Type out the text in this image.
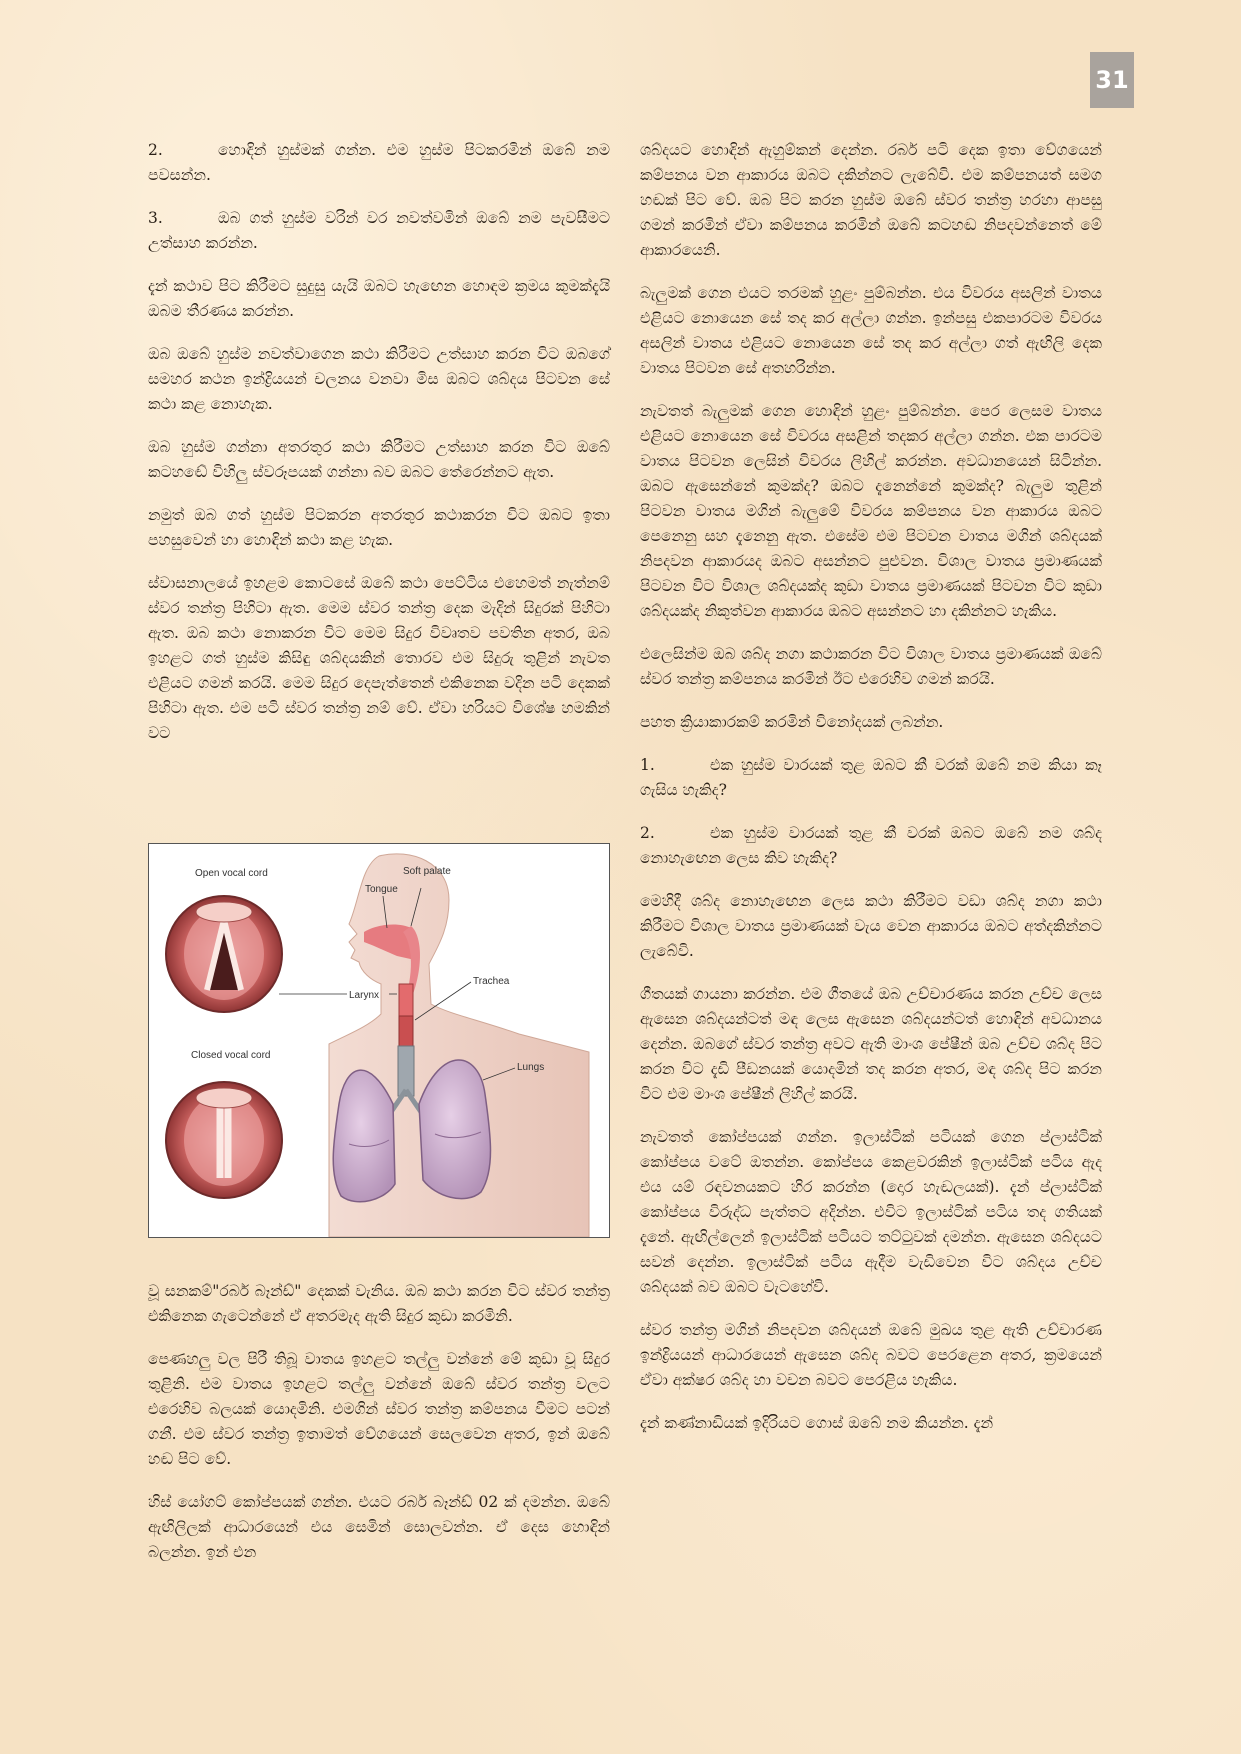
31

2.	හොඳින් හුස්මක් ගන්න. එම හුස්ම පිටකරමින් ඔබේ නම පවසන්න.

3.	ඔබ ගත් හුස්ම වරින් වර නවත්වමින් ඔබේ නම පැවසීමට උත්සාහ කරන්න.

දැන් කථාව පිට කිරීමට සුදුසු යැයි ඔබට හැඟෙන හොඳම ක්‍රමය කුමක්දැයි ඔබම තීරණය කරන්න.

ඔබ ඔබේ හුස්ම නවත්වාගෙන කථා කිරීමට උත්සාහ කරන විට ඔබගේ සමහර කථන ඉන්ද්‍රියයන් චලනය වනවා මිස ඔබට ශබ්දය පිටවන සේ කථා කළ නොහැක.

ඔබ හුස්ම ගන්නා අතරතුර කථා කිරීමට උත්සාහ කරන විට ඔබේ කටහඬේ විහිලු ස්වරූපයක් ගන්නා බව ඔබට තේරෙන්නට ඇත.

නමුත් ඔබ ගත් හුස්ම පිටකරන අතරතුර කථාකරන විට ඔබට ඉතා පහසුවෙන් හා හොඳින් කථා කළ හැක.

ස්වාසනාලයේ ඉහළම කොටසේ ඔබේ කථා පෙට්ටිය එහෙමත් නැත්නම් ස්වර තන්ත්‍ර පිහිටා ඇත. මෙම ස්වර තන්ත්‍ර දෙක මැදින් සිදුරක් පිහිටා ඇත. ඔබ කථා නොකරන විට මෙම සිදුර විවෘතව පවතින අතර, ඔබ ඉහළට ගත් හුස්ම කිසිඳු ශබ්දයකින් තොරව එම සිදුරු තුළින් නැවත එළියට ගමන් කරයි. මෙම සිදුර දෙපැත්තෙන් එකිනෙක වදින පටි දෙකක් පිහිටා ඇත. එම පටි ස්වර තන්ත්‍ර නම් වේ. ඒවා හරියට විශේෂ හමකින් වට

Open vocal cord
Closed vocal cord
Soft palate
Tongue
Larynx
Trachea
Lungs

වූ සනකම්"රබර් බෑන්ඩ්" දෙකක් වැනිය. ඔබ කථා කරන විට ස්වර තන්ත්‍ර එකිනෙක ගැටෙන්නේ ඒ අතරමැද ඇති සිදුර කුඩා කරමිනි.

පෙණහලු වල පිරී තිබූ වාතය ඉහළට තල්ලු වන්නේ මේ කුඩා වූ සිදුර තුළිනි. එම වාතය ඉහළට තල්ලු වන්නේ ඔබේ ස්වර තන්ත්‍ර වලට එරෙහිව බලයක් යොදමිනි. එමගින් ස්වර තන්ත්‍ර කම්පනය වීමට පටන් ගනී. එම ස්වර තන්ත්‍ර ඉතාමත් වේගයෙන් සෙලවෙන අතර, ඉන් ඔබේ හඬ පිට වේ.

හිස් යෝගට් කෝප්පයක් ගන්න. එයට රබර් බෑන්ඩ් 02 ක් දමන්න. ඔබේ ඇඟිලිලක් ආධාරයෙන් එය සෙමින් සොලවන්න. ඒ දෙස හොඳින් බලන්න. ඉන් එන

ශබ්දයට හොඳින් ඇහුම්කන් දෙන්න. රබර් පටි දෙක ඉතා වේගයෙන් කම්පනය වන ආකාරය ඔබට දකින්නට ලැබේවි. එම කම්පනයත් සමග හඬක් පිට වේ. ඔබ පිට කරන හුස්ම ඔබේ ස්වර තන්ත්‍ර හරහා ආපසු ගමන් කරමින් ඒවා කම්පනය කරමින් ඔබේ කටහඬ නිපදවන්නෙත් මේ ආකාරයෙනි.

බැලුමක් ගෙන එයට තරමක් හුළං පුම්බන්න. එය විවරය අසලින් වාතය එළියට නොයෙන සේ තද කර අල්ලා ගන්න. ඉන්පසු එකපාරටම විවරය අසලින් වාතය එළියට නොයෙන සේ තද කර අල්ලා ගත් ඇඟිලි දෙක වාතය පිටවන සේ අතහරින්න.

නැවතත් බැලුමක් ගෙන හොඳින් හුළං පුම්බන්න. පෙර ලෙසම වාතය එළියට නොයෙන සේ විවරය අසළින් තදකර අල්ලා ගන්න. එක පාරටම වාතය පිටවන ලෙසින් විවරය ලිහිල් කරන්න. අවධානයෙන් සිටින්න. ඔබට ඇසෙන්නේ කුමක්ද? ඔබට දැනෙන්නේ කුමක්ද? බැලුම තුළින් පිටවන වාතය මගින් බැලුමේ විවරය කම්පනය වන ආකාරය ඔබට පෙනෙනු සහ දැනෙනු ඇත. එසේම එම පිටවන වාතය මගින් ශබ්දයක් නිපදවන ආකාරයද ඔබට අසන්නට පුළුවන. විශාල වාතය ප්‍රමාණයක් පිටවන විට විශාල ශබ්දයක්ද කුඩා වාතය ප්‍රමාණයක් පිටවන විට කුඩා ශබ්දයක්ද නිකුත්වන ආකාරය ඔබට අසන්නට හා දකින්නට හැකිය.

එලෙසින්ම ඔබ ශබ්ද නගා කථාකරන විට විශාල වාතය ප්‍රමාණයක් ඔබේ ස්වර තන්ත්‍ර කම්පනය කරමින් ඊට එරෙහිව ගමන් කරයි.

පහත ක්‍රියාකාරකම් කරමින් විනෝදයක් ලබන්න.

1.	එක හුස්ම වාරයක් තුළ ඔබට කී වරක් ඔබේ නම කියා කෑ ගැසිය හැකිද?

2.	එක හුස්ම වාරයක් තුළ කී වරක් ඔබට ඔබේ නම ශබ්ද නොහැඟෙන ලෙස කිව හැකිද?

මෙහිදී ශබ්ද නොහැඟෙන ලෙස කථා කිරීමට වඩා ශබ්ද නගා කථා කිරීමට විශාල වාතය ප්‍රමාණයක් වැය වෙන ආකාරය ඔබට අත්දකින්නට ලැබේවි.

ගීතයක් ගායනා කරන්න. එම ගීතයේ ඔබ උච්චාරණය කරන උච්ච ලෙස ඇසෙන ශබ්දයන්ටත් මඳ ලෙස ඇසෙන ශබ්දයන්ටත් හොඳින් අවධානය දෙන්න. ඔබගේ ස්වර තන්ත්‍ර අවට ඇති මාංශ පේෂීන් ඔබ උච්ච ශබ්ද පිට කරන විට දැඩි පීඩනයක් යොදමින් තද කරන අතර, මඳ ශබ්ද පිට කරන විට එම මාංශ පේෂීන් ලිහිල් කරයි.

නැවතත් කෝප්පයක් ගන්න. ඉලාස්ටික් පටියක් ගෙන ප්ලාස්ටික් කෝප්පය වටේ ඔතන්න. කෝප්පය කෙළවරකින් ඉලාස්ටික් පටිය ඇද එය යම් රඳවනයකට හිර කරන්න (දොර හැඬලයක්). දැන් ප්ලාස්ටික් කෝප්පය විරුද්ධ පැත්තට අදින්න. එවිට ඉලාස්ටික් පටිය තද ගතියක් දැනේ. ඇඟිල්ලෙන් ඉලාස්ටික් පටියට තට්ටුවක් දමන්න. ඇසෙන ශබ්දයට සවන් දෙන්න. ඉලාස්ටික් පටිය ඇදීම වැඩිවෙන විට ශබ්දය උච්ච ශබ්දයක් බව ඔබට වැටහේවි.

ස්වර තන්ත්‍ර මගින් නිපදවන ශබ්දයන් ඔබේ මුඛය තුළ ඇති උච්චාරණ ඉන්ද්‍රියයන් ආධාරයෙන් ඇසෙන ශබ්ද බවට පෙරළෙන අතර, ක්‍රමයෙන් ඒවා අක්ෂර ශබ්ද හා වචන බවට පෙරළිය හැකිය.

දැන් කණ්නාඩියක් ඉදිරියට ගොස් ඔබේ නම කියන්න. දැන්
